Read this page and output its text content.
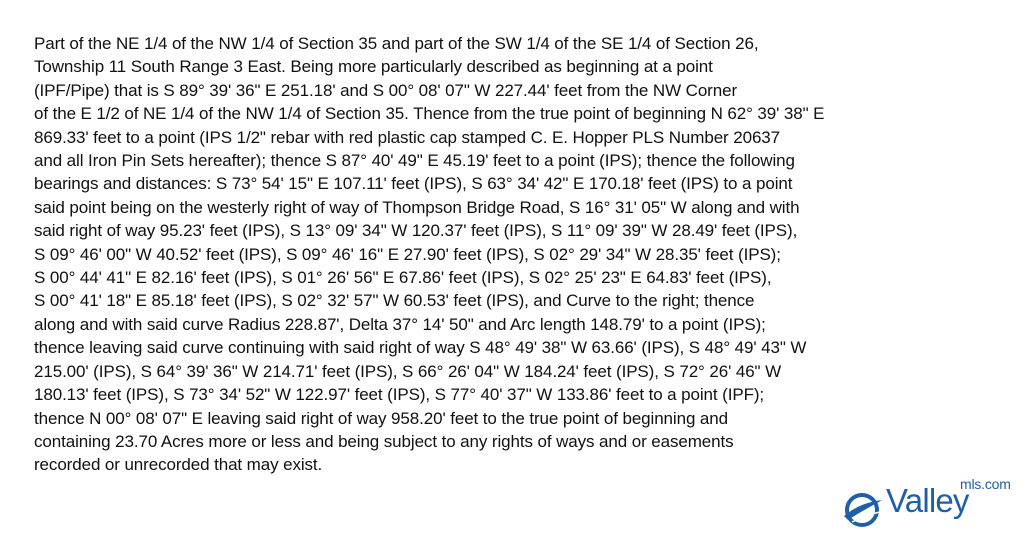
Part of the NE 1/4 of the NW 1/4 of Section 35 and part of the SW 1/4 of the SE 1/4 of Section 26,
Township 11 South Range 3 East. Being more particularly described as beginning at a point
(IPF/Pipe) that is S 89° 39' 36" E 251.18' and S 00° 08' 07" W 227.44' feet from the NW Corner
of the E 1/2 of NE 1/4 of the NW 1/4 of Section 35. Thence from the true point of beginning N 62° 39' 38" E
869.33' feet to a point (IPS 1/2" rebar with red plastic cap stamped C. E. Hopper PLS Number 20637
and all Iron Pin Sets hereafter); thence S 87° 40' 49" E 45.19' feet to a point (IPS); thence the following
bearings and distances: S 73° 54' 15" E 107.11' feet (IPS), S 63° 34' 42" E 170.18' feet (IPS) to a point
said point being on the westerly right of way of Thompson Bridge Road, S 16° 31' 05" W along and with
said right of way 95.23' feet (IPS), S 13° 09' 34" W 120.37' feet (IPS), S 11° 09' 39" W 28.49' feet (IPS),
S 09° 46' 00" W 40.52' feet (IPS), S 09° 46' 16" E 27.90' feet (IPS), S 02° 29' 34" W 28.35' feet (IPS);
S 00° 44' 41" E 82.16' feet (IPS), S 01° 26' 56" E 67.86' feet (IPS), S 02° 25' 23" E 64.83' feet (IPS),
S 00° 41' 18" E 85.18' feet (IPS), S 02° 32' 57" W 60.53' feet (IPS), and Curve to the right; thence
along and with said curve Radius 228.87', Delta 37° 14' 50" and Arc length 148.79' to a point (IPS);
thence leaving said curve continuing with said right of way S 48° 49' 38" W 63.66' (IPS), S 48° 49' 43" W
215.00' (IPS), S 64° 39' 36" W 214.71' feet (IPS), S 66° 26' 04" W 184.24' feet (IPS), S 72° 26' 46" W
180.13' feet (IPS), S 73° 34' 52" W 122.97' feet (IPS), S 77° 40' 37" W 133.86' feet to a point (IPF);
thence N 00° 08' 07" E leaving said right of way 958.20' feet to the true point of beginning and
containing 23.70 Acres more or less and being subject to any rights of ways and or easements
recorded or unrecorded that may exist.
Valley
mls.com
